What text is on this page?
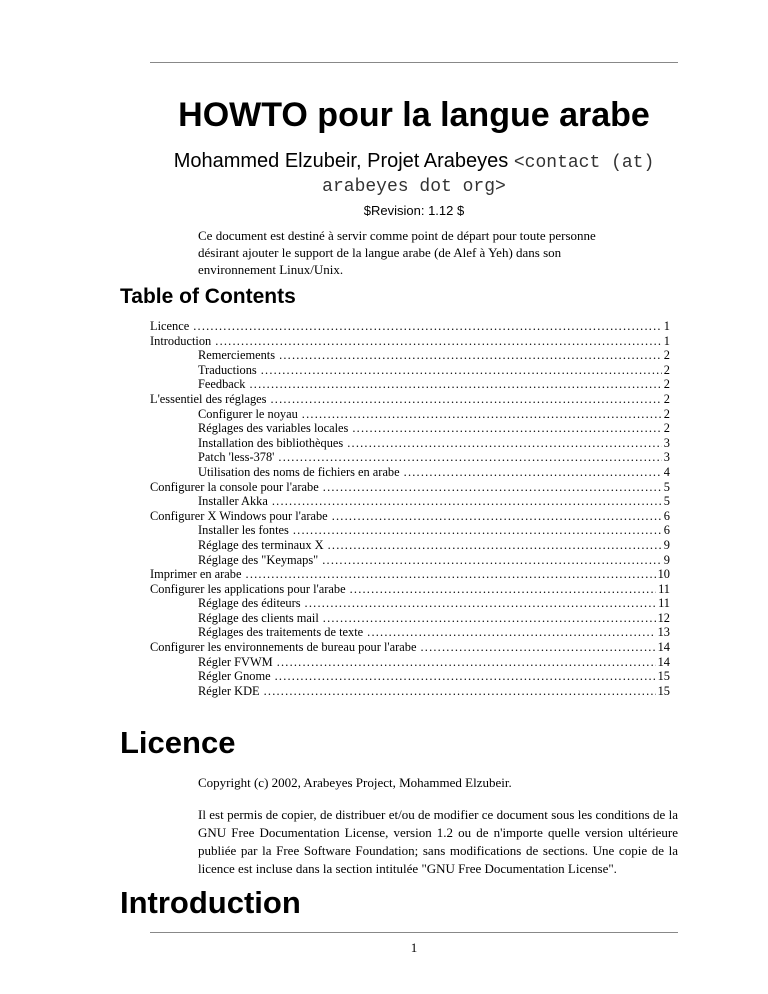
HOWTO pour la langue arabe
Mohammed Elzubeir, Projet Arabeyes <contact (at) arabeyes dot org>
$Revision: 1.12 $
Ce document est destiné à servir comme point de départ pour toute personne désirant ajouter le support de la langue arabe (de Alef à Yeh) dans son environnement Linux/Unix.
Table of Contents
Licence .....	1
Introduction .....	1
Remerciements .....	2
Traductions .....	2
Feedback .....	2
L'essentiel des réglages .....	2
Configurer le noyau .....	2
Réglages des variables locales .....	2
Installation des bibliothèques .....	3
Patch 'less-378' .....	3
Utilisation des noms de fichiers en arabe .....	4
Configurer la console pour l'arabe .....	5
Installer Akka .....	5
Configurer X Windows pour l'arabe .....	6
Installer les fontes .....	6
Réglage des terminaux X .....	9
Réglage des "Keymaps" .....	9
Imprimer en arabe .....	10
Configurer les applications pour l'arabe .....	11
Réglage des éditeurs .....	11
Réglage des clients mail .....	12
Réglages des traitements de texte .....	13
Configurer les environnements de bureau pour l'arabe .....	14
Régler FVWM .....	14
Régler Gnome .....	15
Régler KDE .....	15
Licence
Copyright (c) 2002, Arabeyes Project, Mohammed Elzubeir.
Il est permis de copier, de distribuer et/ou de modifier ce document sous les conditions de la GNU Free Documentation License, version 1.2 ou de n'importe quelle version ultérieure publiée par la Free Software Foundation; sans modifications de sections. Une copie de la licence est incluse dans la section intitulée "GNU Free Documentation License".
Introduction
1
